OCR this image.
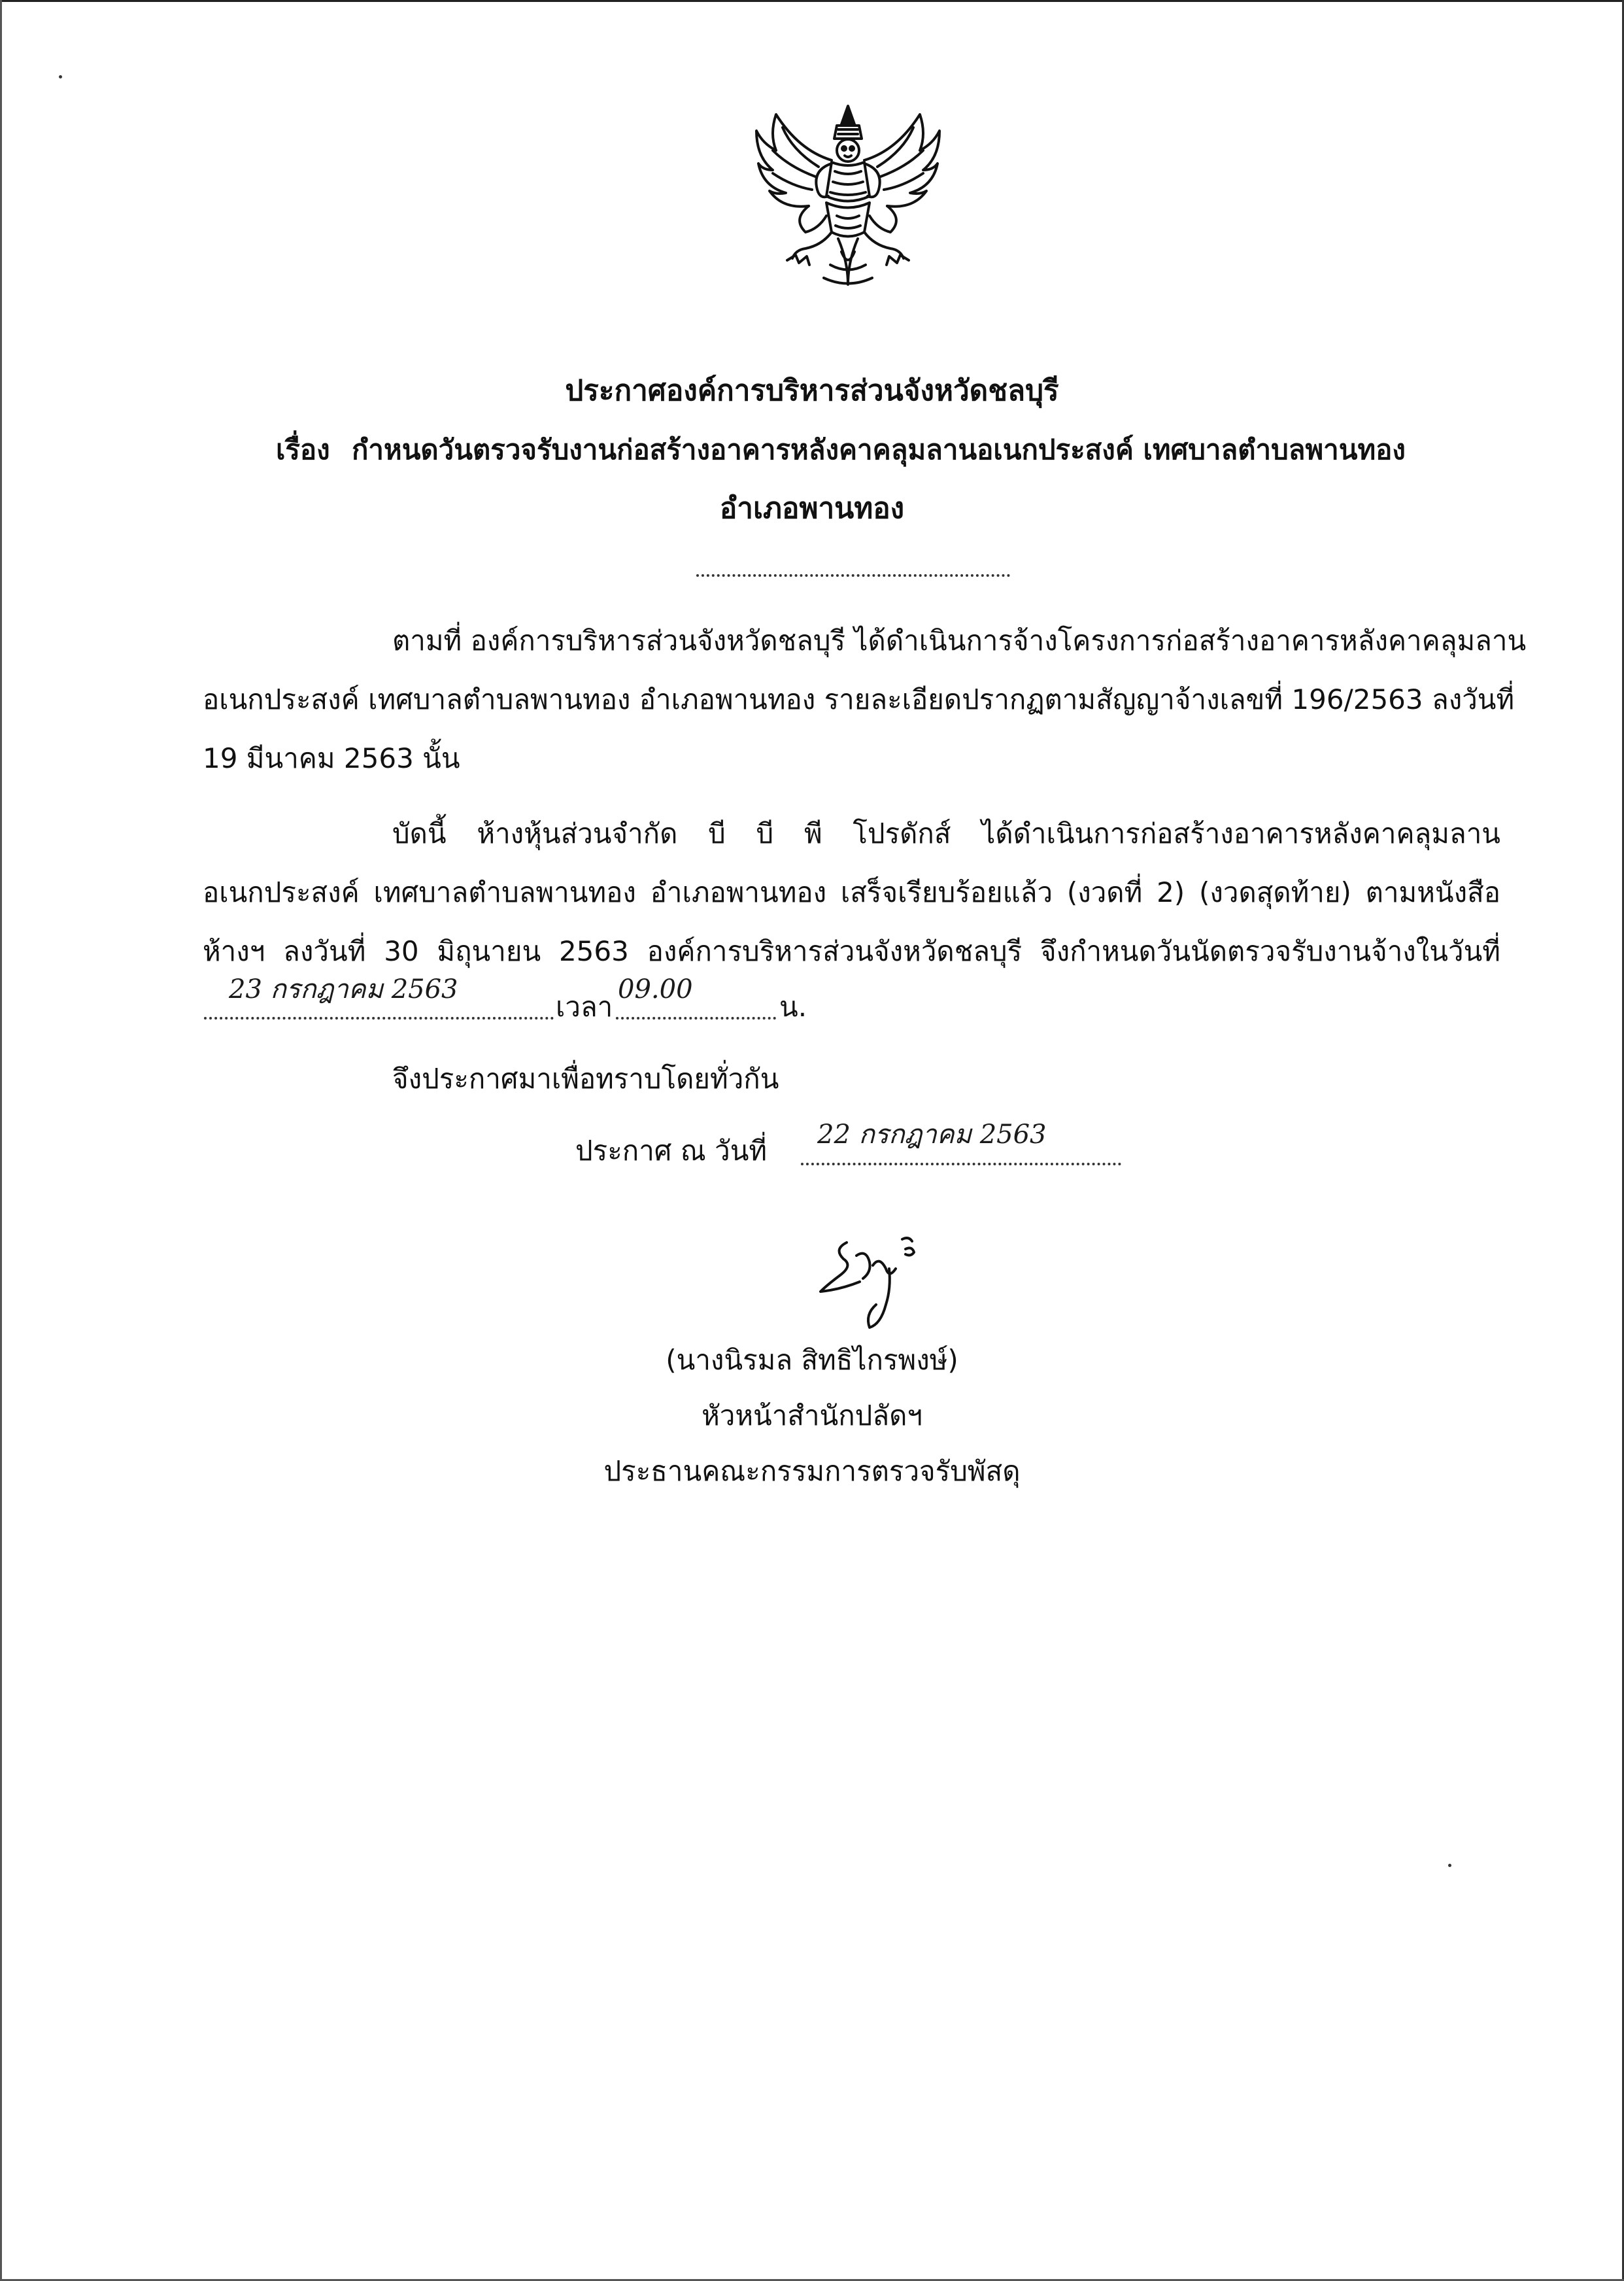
ประกาศองค์การบริหารส่วนจังหวัดชลบุรี
เรื่อง กำหนดวันตรวจรับงานก่อสร้างอาคารหลังคาคลุมลานอเนกประสงค์ เทศบาลตำบลพานทอง
อำเภอพานทอง
ตามที่ องค์การบริหารส่วนจังหวัดชลบุรี ได้ดำเนินการจ้างโครงการก่อสร้างอาคารหลังคาคลุมลาน
อเนกประสงค์ เทศบาลตำบลพานทอง อำเภอพานทอง รายละเอียดปรากฏตามสัญญาจ้างเลขที่ 196/2563 ลงวันที่
19 มีนาคม 2563 นั้น
บัดนี้ ห้างหุ้นส่วนจำกัด บี บี พี โปรดักส์ ได้ดำเนินการก่อสร้างอาคารหลังคาคลุมลาน
อเนกประสงค์ เทศบาลตำบลพานทอง อำเภอพานทอง เสร็จเรียบร้อยแล้ว (งวดที่ 2) (งวดสุดท้าย) ตามหนังสือ
ห้างฯ ลงวันที่ 30 มิถุนายน 2563 องค์การบริหารส่วนจังหวัดชลบุรี จึงกำหนดวันนัดตรวจรับงานจ้างในวันที่
23 กรกฎาคม 2563
เวลา
09.00
น.
จึงประกาศมาเพื่อทราบโดยทั่วกัน
ประกาศ ณ วันที่ 22 กรกฎาคม 2563
(นางนิรมล สิทธิไกรพงษ์)
หัวหน้าสำนักปลัดฯ
ประธานคณะกรรมการตรวจรับพัสดุ
